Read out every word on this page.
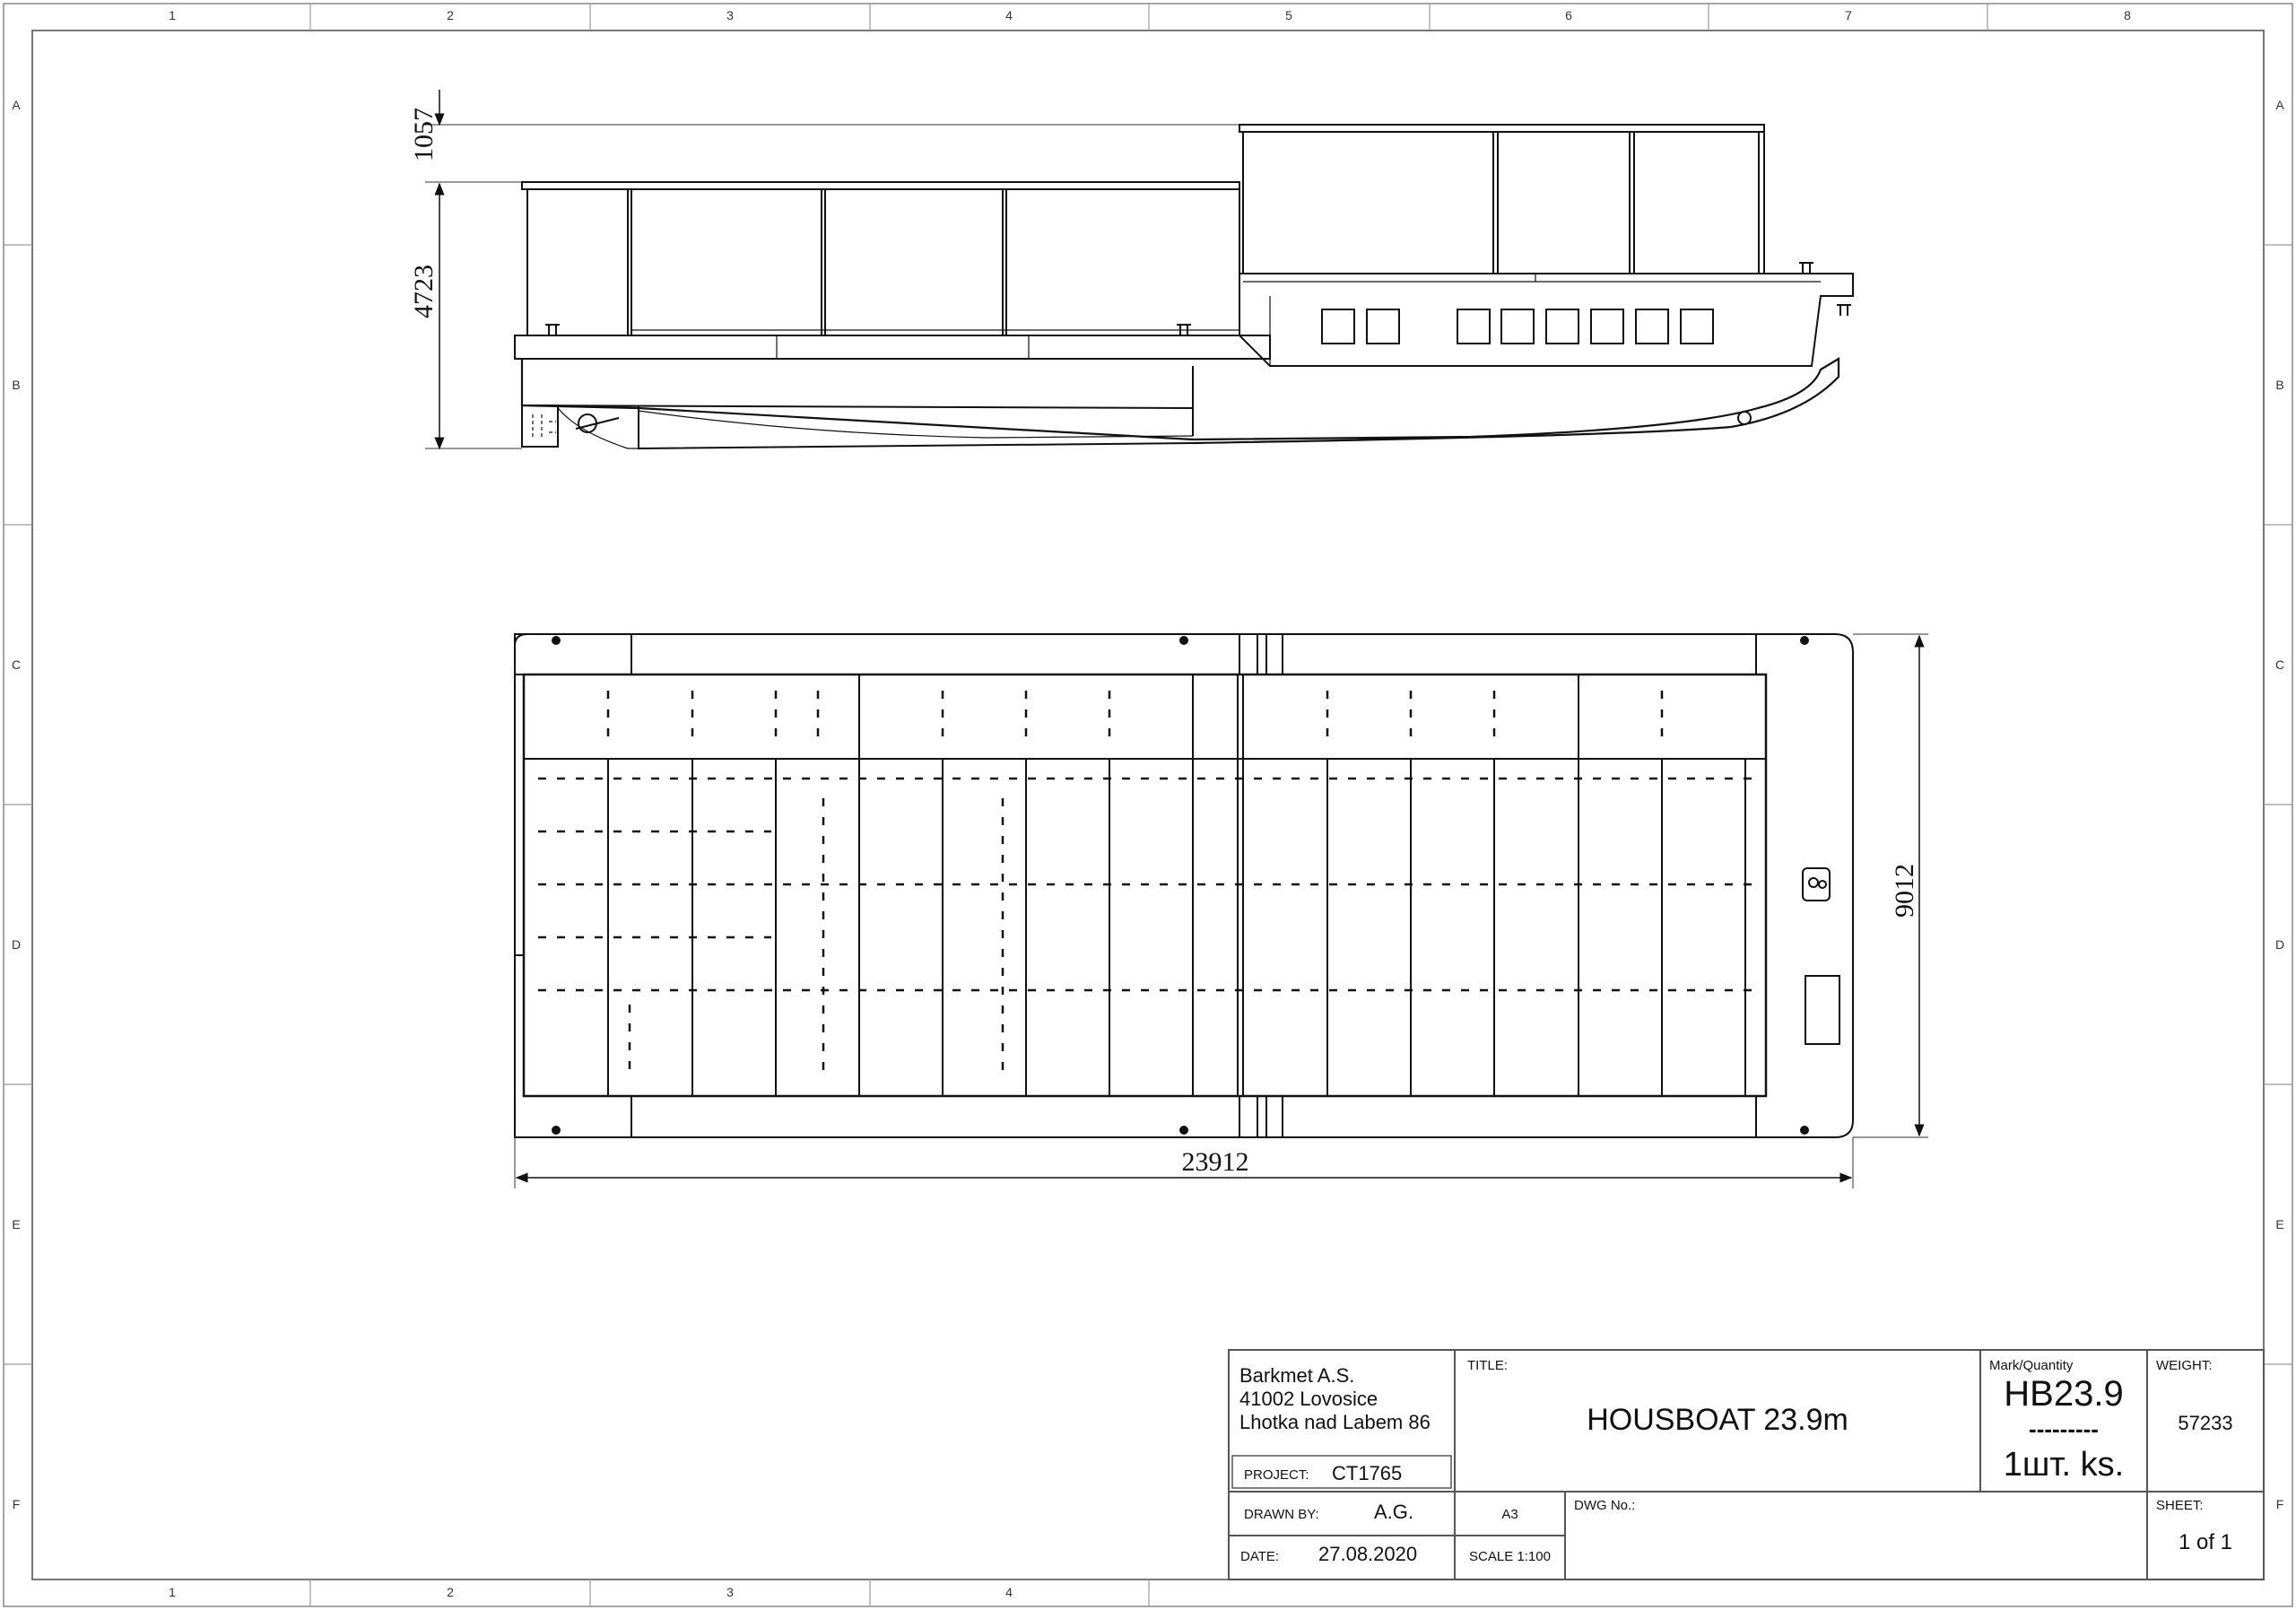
1	2	3	4	5	6	7	8
1	2	3	4
A
B
C
D
E
F
A
B
C
D
E
F
1057
4723
9012
23912
Barkmet A.S.
41002 Lovosice
Lhotka nad Labem 86
PROJECT: CT1765
TITLE:
HOUSBOAT 23.9m
Mark/Quantity
HB23.9
---------
1шт. ks.
WEIGHT:
57233
DRAWN BY:	A.G.	A3
DWG No.:	SHEET:
1 of 1
DATE: 27.08.2020	SCALE 1:100
